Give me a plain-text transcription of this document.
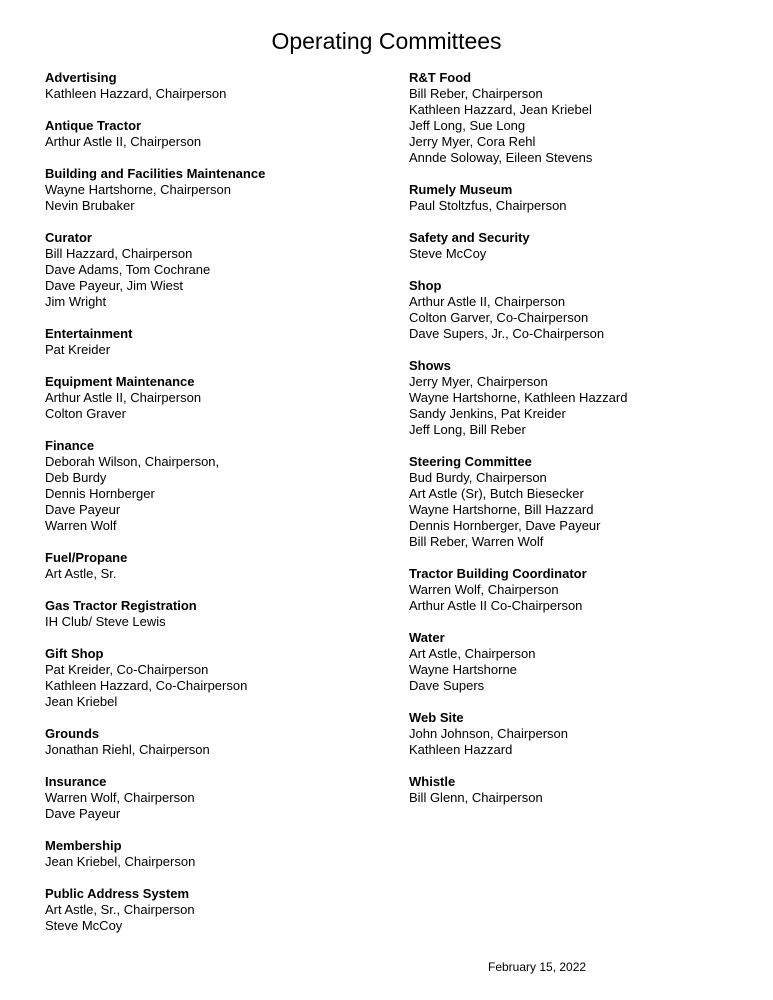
Operating Committees
Advertising
Kathleen Hazzard, Chairperson
Antique Tractor
Arthur Astle II, Chairperson
Building and Facilities Maintenance
Wayne Hartshorne, Chairperson
Nevin Brubaker
Curator
Bill Hazzard, Chairperson
Dave Adams, Tom Cochrane
Dave Payeur, Jim Wiest
Jim Wright
Entertainment
Pat Kreider
Equipment Maintenance
Arthur Astle II, Chairperson
Colton Graver
Finance
Deborah Wilson, Chairperson,
Deb Burdy
Dennis Hornberger
Dave Payeur
Warren Wolf
Fuel/Propane
Art Astle, Sr.
Gas Tractor Registration
IH Club/ Steve Lewis
Gift Shop
Pat Kreider, Co-Chairperson
Kathleen Hazzard, Co-Chairperson
Jean Kriebel
Grounds
Jonathan Riehl, Chairperson
Insurance
Warren Wolf, Chairperson
Dave Payeur
Membership
Jean Kriebel, Chairperson
Public Address System
Art Astle, Sr., Chairperson
Steve McCoy
R&T Food
Bill Reber, Chairperson
Kathleen Hazzard, Jean Kriebel
Jeff Long, Sue Long
Jerry Myer, Cora Rehl
Annde Soloway, Eileen Stevens
Rumely Museum
Paul Stoltzfus, Chairperson
Safety and Security
Steve McCoy
Shop
Arthur Astle II, Chairperson
Colton Garver, Co-Chairperson
Dave Supers, Jr., Co-Chairperson
Shows
Jerry Myer, Chairperson
Wayne Hartshorne, Kathleen Hazzard
Sandy Jenkins, Pat Kreider
Jeff Long, Bill Reber
Steering Committee
Bud Burdy, Chairperson
Art Astle (Sr), Butch Biesecker
Wayne Hartshorne, Bill Hazzard
Dennis Hornberger, Dave Payeur
Bill Reber, Warren Wolf
Tractor Building Coordinator
Warren Wolf, Chairperson
Arthur Astle II Co-Chairperson
Water
Art Astle, Chairperson
Wayne Hartshorne
Dave Supers
Web Site
John Johnson, Chairperson
Kathleen Hazzard
Whistle
Bill Glenn, Chairperson
February 15, 2022
